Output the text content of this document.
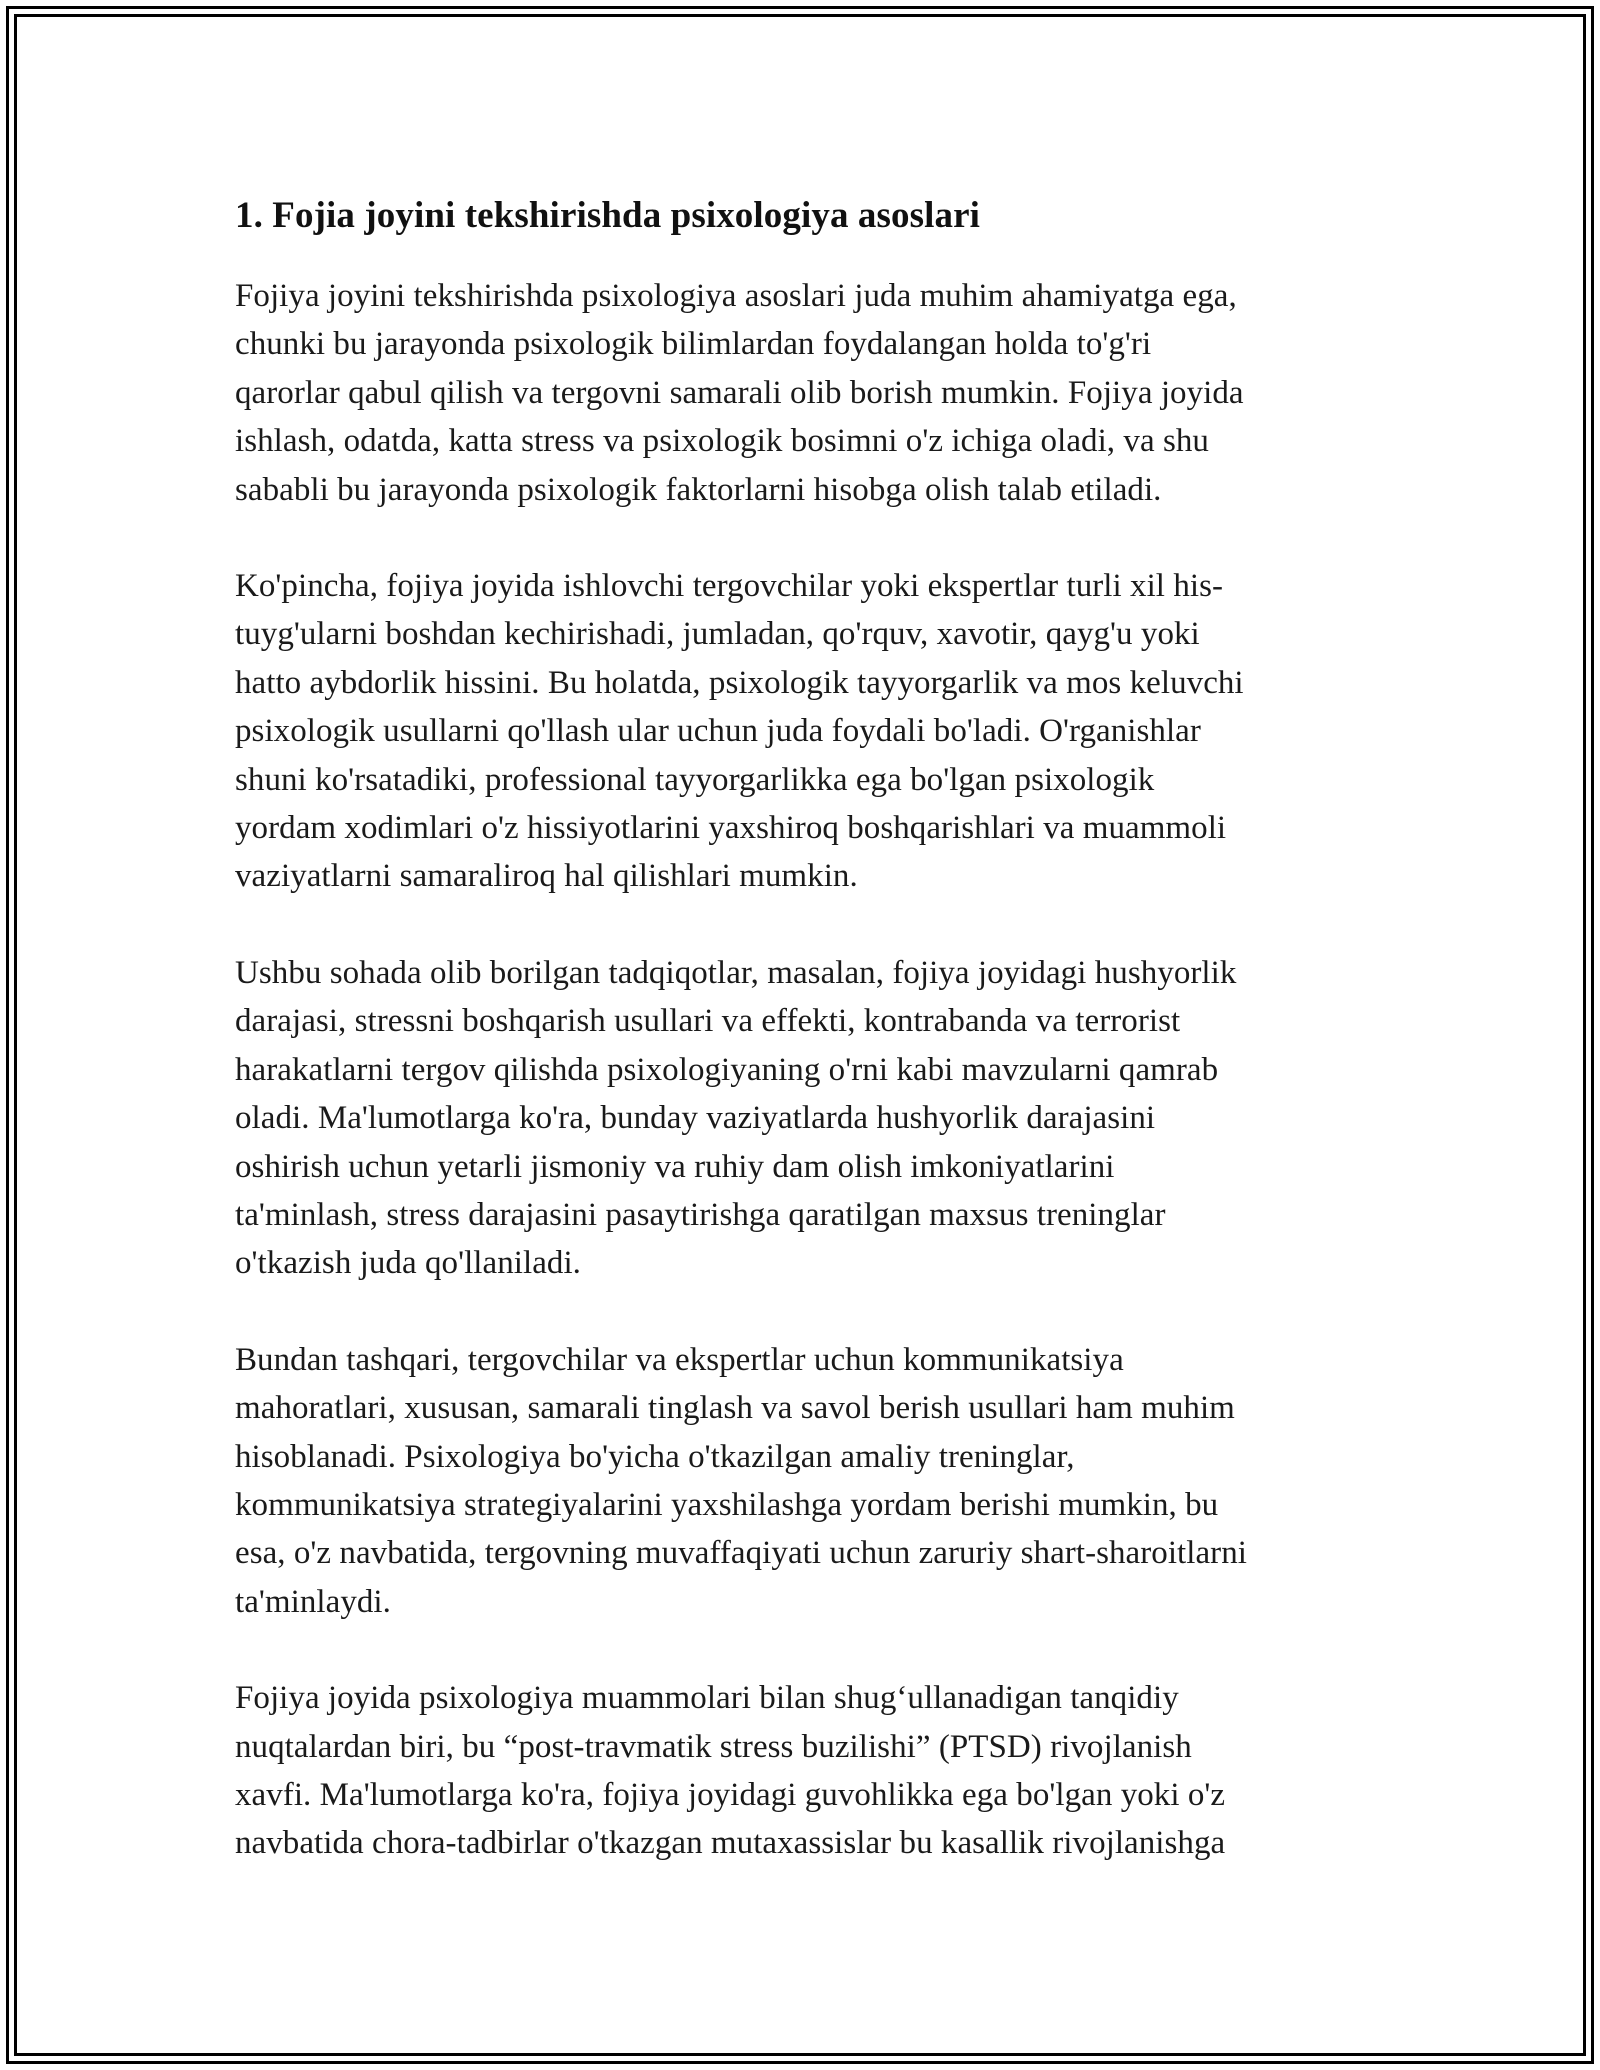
1. Fojia joyini tekshirishda psixologiya asoslari

Fojiya joyini tekshirishda psixologiya asoslari juda muhim ahamiyatga ega,
chunki bu jarayonda psixologik bilimlardan foydalangan holda to'g'ri
qarorlar qabul qilish va tergovni samarali olib borish mumkin. Fojiya joyida
ishlash, odatda, katta stress va psixologik bosimni o'z ichiga oladi, va shu
sababli bu jarayonda psixologik faktorlarni hisobga olish talab etiladi.

Ko'pincha, fojiya joyida ishlovchi tergovchilar yoki ekspertlar turli xil his-
tuyg'ularni boshdan kechirishadi, jumladan, qo'rquv, xavotir, qayg'u yoki
hatto aybdorlik hissini. Bu holatda, psixologik tayyorgarlik va mos keluvchi
psixologik usullarni qo'llash ular uchun juda foydali bo'ladi. O'rganishlar
shuni ko'rsatadiki, professional tayyorgarlikka ega bo'lgan psixologik
yordam xodimlari o'z hissiyotlarini yaxshiroq boshqarishlari va muammoli
vaziyatlarni samaraliroq hal qilishlari mumkin.

Ushbu sohada olib borilgan tadqiqotlar, masalan, fojiya joyidagi hushyorlik
darajasi, stressni boshqarish usullari va effekti, kontrabanda va terrorist
harakatlarni tergov qilishda psixologiyaning o'rni kabi mavzularni qamrab
oladi. Ma'lumotlarga ko'ra, bunday vaziyatlarda hushyorlik darajasini
oshirish uchun yetarli jismoniy va ruhiy dam olish imkoniyatlarini
ta'minlash, stress darajasini pasaytirishga qaratilgan maxsus treninglar
o'tkazish juda qo'llaniladi.

Bundan tashqari, tergovchilar va ekspertlar uchun kommunikatsiya
mahoratlari, xususan, samarali tinglash va savol berish usullari ham muhim
hisoblanadi. Psixologiya bo'yicha o'tkazilgan amaliy treninglar,
kommunikatsiya strategiyalarini yaxshilashga yordam berishi mumkin, bu
esa, o'z navbatida, tergovning muvaffaqiyati uchun zaruriy shart-sharoitlarni
ta'minlaydi.

Fojiya joyida psixologiya muammolari bilan shug‘ullanadigan tanqidiy
nuqtalardan biri, bu “post-travmatik stress buzilishi” (PTSD) rivojlanish
xavfi. Ma'lumotlarga ko'ra, fojiya joyidagi guvohlikka ega bo'lgan yoki o'z
navbatida chora-tadbirlar o'tkazgan mutaxassislar bu kasallik rivojlanishga
